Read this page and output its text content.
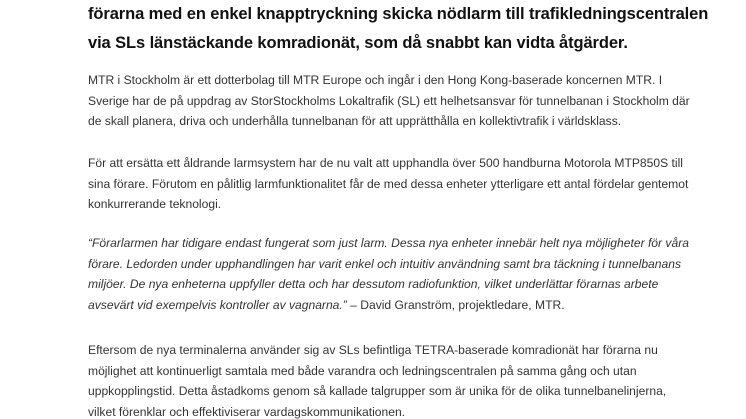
förarna med en enkel knapptryckning skicka nödlarm till trafikledningscentralen
via SLs länstäckande komradionät, som då snabbt kan vidta åtgärder.

MTR i Stockholm är ett dotterbolag till MTR Europe och ingår i den Hong Kong-baserade koncernen MTR. I
Sverige har de på uppdrag av StorStockholms Lokaltrafik (SL) ett helhetsansvar för tunnelbanan i Stockholm där
de skall planera, driva och underhålla tunnelbanan för att upprätthålla en kollektivtrafik i världsklass.

För att ersätta ett åldrande larmsystem har de nu valt att upphandla över 500 handburna Motorola MTP850S till
sina förare. Förutom en pålitlig larmfunktionalitet får de med dessa enheter ytterligare ett antal fördelar gentemot
konkurrerande teknologi.

“Förarlarmen har tidigare endast fungerat som just larm. Dessa nya enheter innebär helt nya möjligheter för våra
förare. Ledorden under upphandlingen har varit enkel och intuitiv användning samt bra täckning i tunnelbanans
miljöer. De nya enheterna uppfyller detta och har dessutom radiofunktion, vilket underlättar förarnas arbete
avsevärt vid exempelvis kontroller av vagnarna.” – David Granström, projektledare, MTR.

Eftersom de nya terminalerna använder sig av SLs befintliga TETRA-baserade komradionät har förarna nu
möjlighet att kontinuerligt samtala med både varandra och ledningscentralen på samma gång och utan
uppkopplingstid. Detta åstadkoms genom så kallade talgrupper som är unika för de olika tunnelbanelinjerna,
vilket förenklar och effektiviserar vardagskommunikationen.
